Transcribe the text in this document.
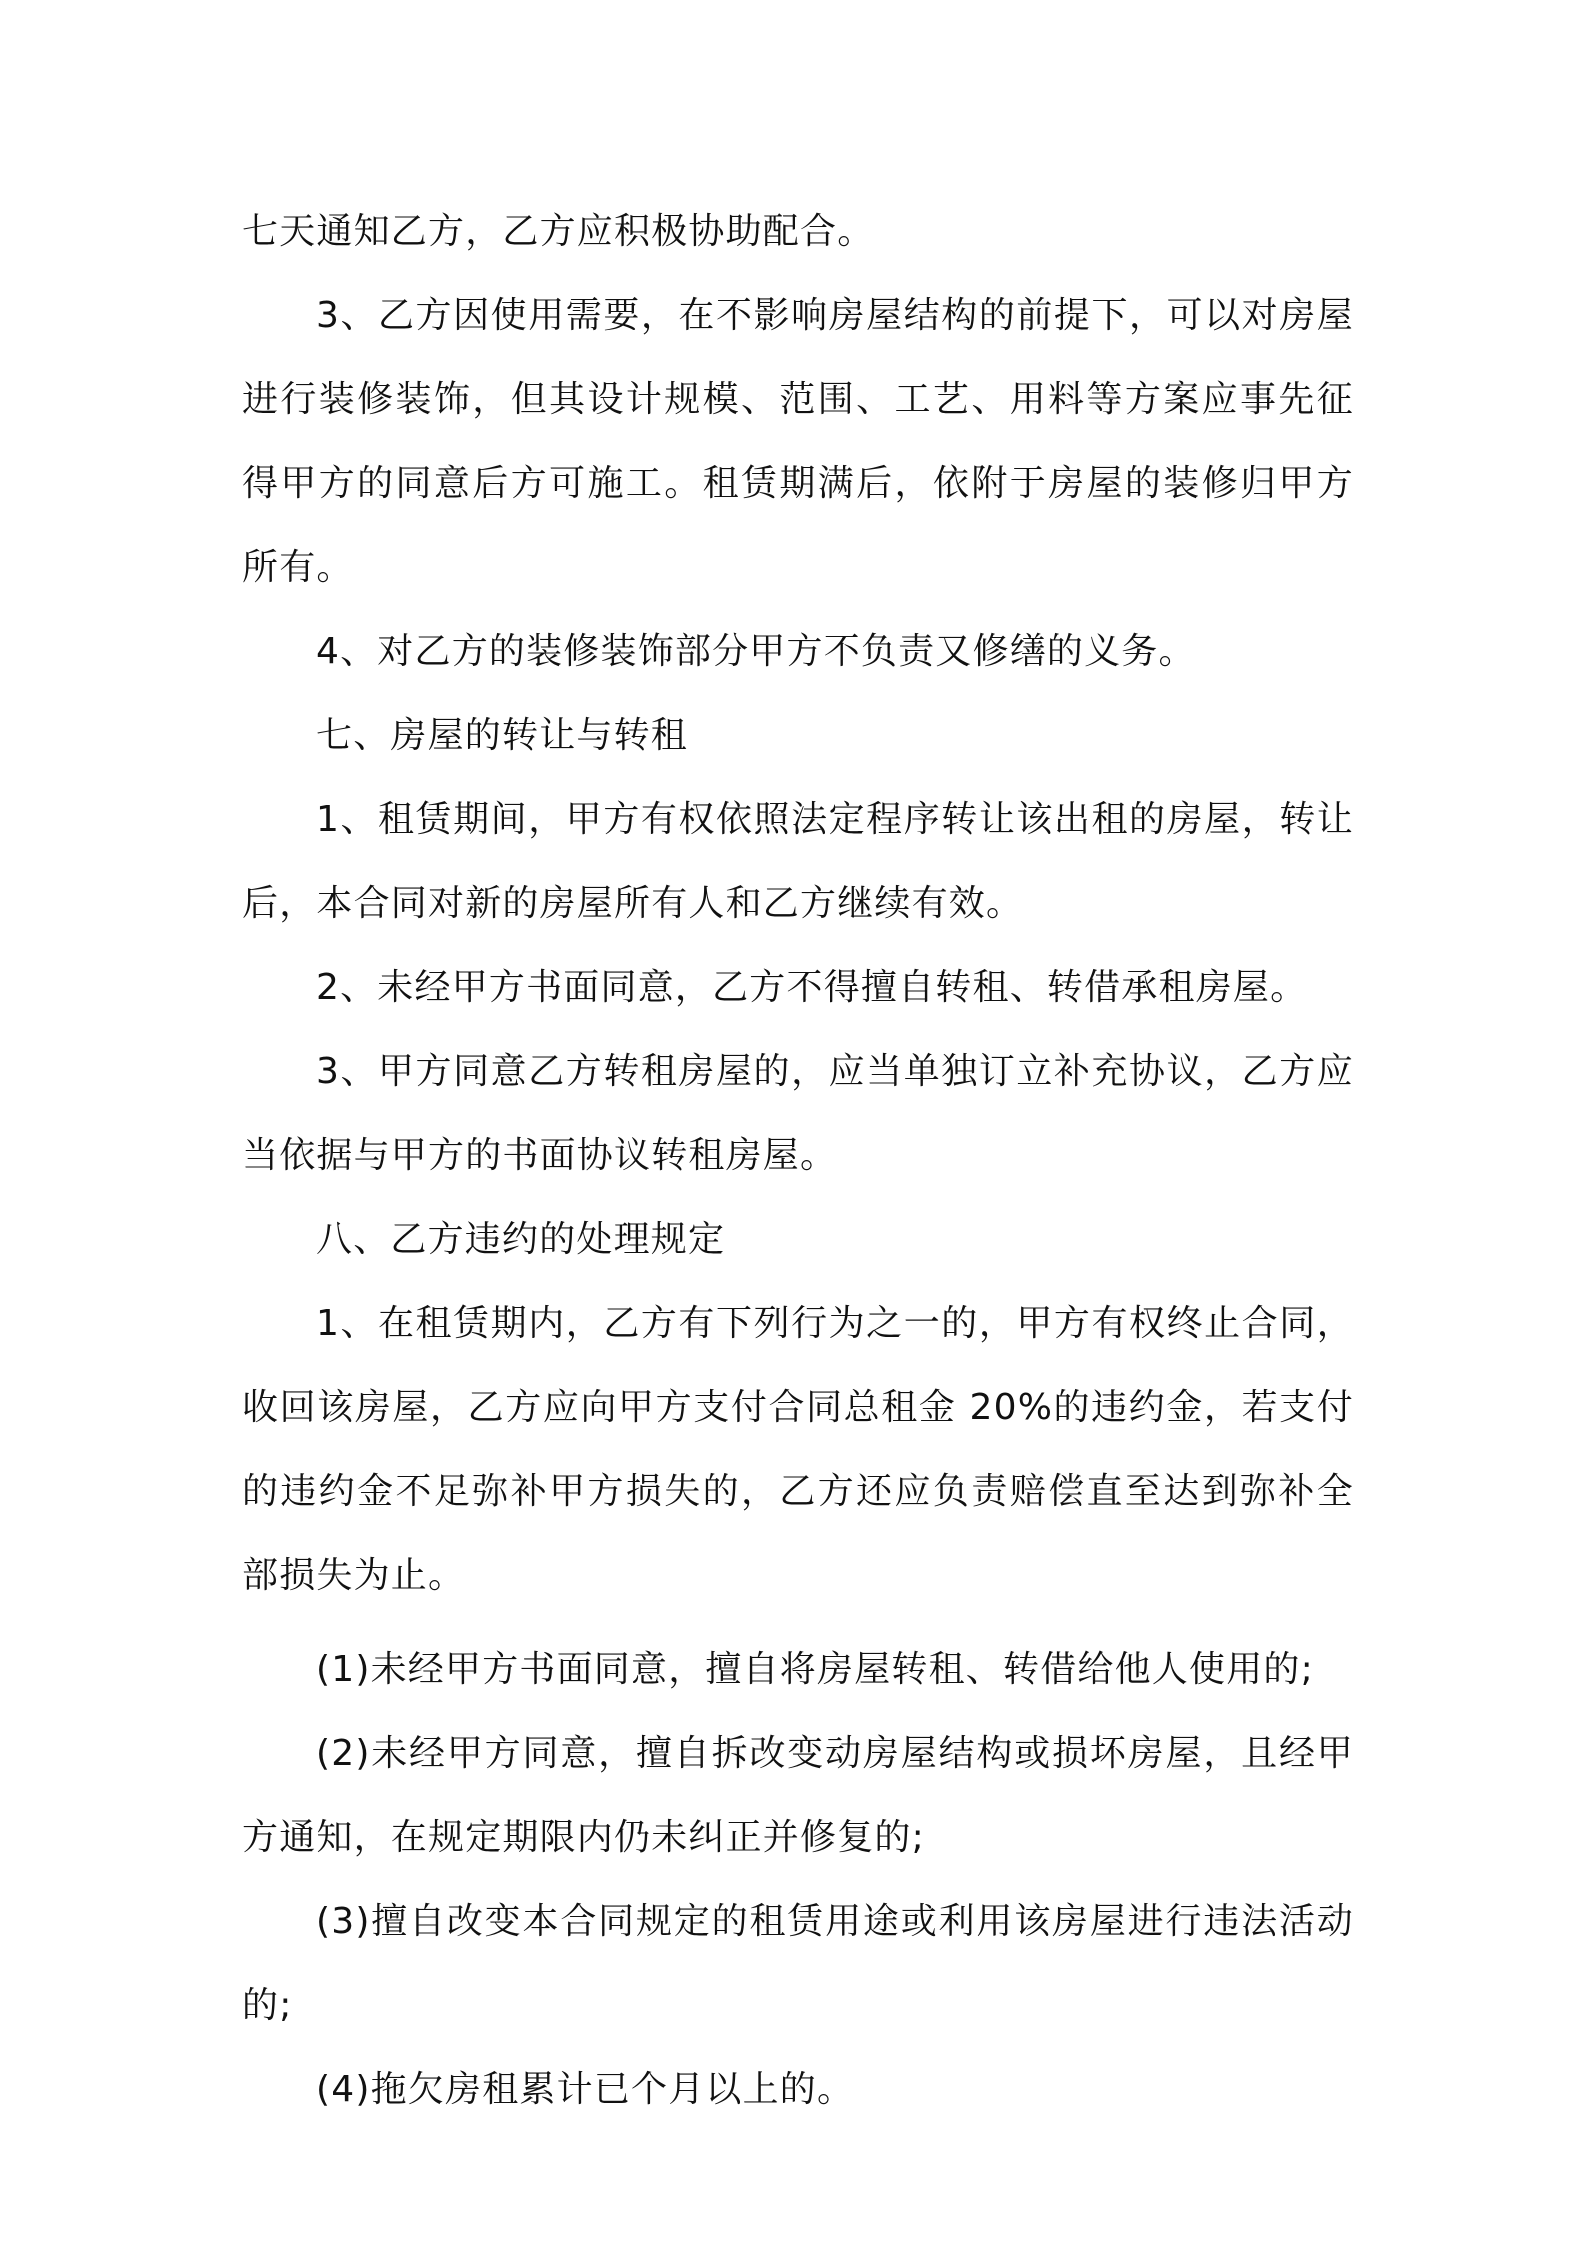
七天通知乙方，乙方应积极协助配合。

3、乙方因使用需要，在不影响房屋结构的前提下，可以对房屋进行装修装饰，但其设计规模、范围、工艺、用料等方案应事先征得甲方的同意后方可施工。租赁期满后，依附于房屋的装修归甲方所有。

4、对乙方的装修装饰部分甲方不负责又修缮的义务。

七、房屋的转让与转租

1、租赁期间，甲方有权依照法定程序转让该出租的房屋，转让后，本合同对新的房屋所有人和乙方继续有效。

2、未经甲方书面同意，乙方不得擅自转租、转借承租房屋。

3、甲方同意乙方转租房屋的，应当单独订立补充协议，乙方应当依据与甲方的书面协议转租房屋。

八、乙方违约的处理规定

1、在租赁期内，乙方有下列行为之一的，甲方有权终止合同，收回该房屋，乙方应向甲方支付合同总租金 20%的违约金，若支付的违约金不足弥补甲方损失的，乙方还应负责赔偿直至达到弥补全部损失为止。

(1)未经甲方书面同意，擅自将房屋转租、转借给他人使用的;

(2)未经甲方同意，擅自拆改变动房屋结构或损坏房屋，且经甲方通知，在规定期限内仍未纠正并修复的;

(3)擅自改变本合同规定的租赁用途或利用该房屋进行违法活动的;

(4)拖欠房租累计已个月以上的。
